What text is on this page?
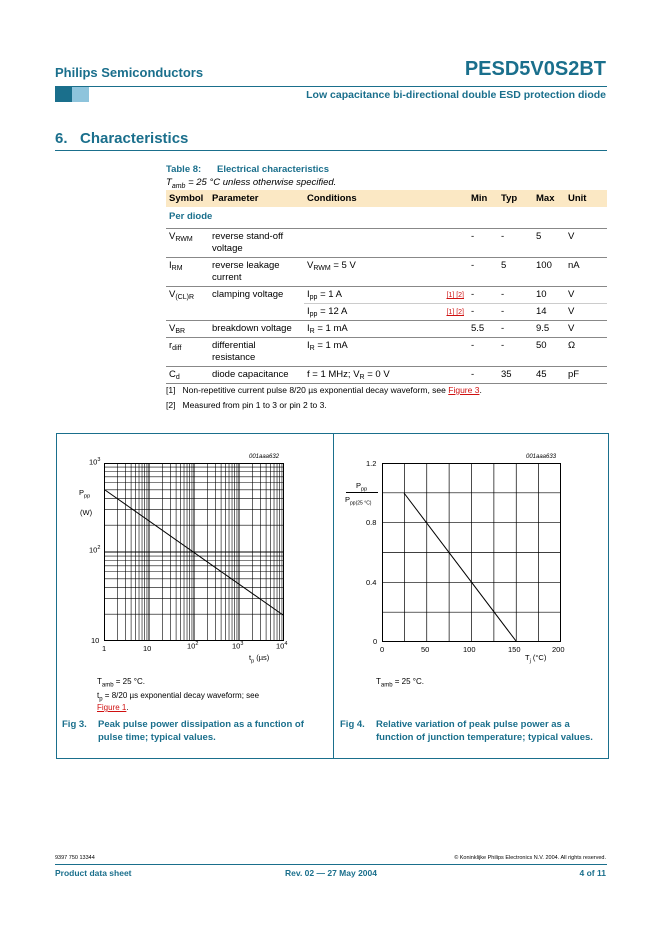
Philips Semiconductors	PESD5V0S2BT
Low capacitance bi-directional double ESD protection diode
6.   Characteristics
Table 8:      Electrical characteristics
$T_{amb} = 25$ °C unless otherwise specified.
Symbol	Parameter	Conditions	Min	Typ	Max	Unit
Per diode						
$V_{RWM}$	reverse stand-off voltage		-	-	5	V
$I_{RM}$	reverse leakage current	$V_{RWM} = 5$ V	-	5	100	nA
$V_{(CL)R}$	clamping voltage	$I_{pp} = 1$ A [1] [2]	-	-	10	V
		$I_{pp} = 12$ A [1] [2]	-	-	14	V
$V_{BR}$	breakdown voltage	$I_R = 1$ mA	5.5	-	9.5	V
$r_{diff}$	differential resistance	$I_R = 1$ mA	-	-	50	Ω
$C_d$	diode capacitance	f = 1 MHz; $V_R = 0$ V	-	35	45	pF
[1] Non-repetitive current pulse 8/20 µs exponential decay waveform, see Figure 3.
[2] Measured from pin 1 to 3 or pin 2 to 3.
001aaa632
$P_{pp}$
(W)
$10^3$
$10^2$
10
1	10	$10^2$	$10^3$	$10^4$
$t_p$ (µs)
$T_{amb} = 25$ °C.
$t_p = 8/20$ µs exponential decay waveform; see
Figure 1.
Fig 3. Peak pulse power dissipation as a function of pulse time; typical values.
001aaa633
$P_{pp}$
$P_{pp(25 ^\circ C)}$
1.2
0.8
0.4
0
0	50	100	150	200
$T_j$ (°C)
$T_{amb} = 25$ °C.
Fig 4. Relative variation of peak pulse power as a function of junction temperature; typical values.
9397 750 13344	© Koninklijke Philips Electronics N.V. 2004. All rights reserved.
Product data sheet	Rev. 02 — 27 May 2004	4 of 11
